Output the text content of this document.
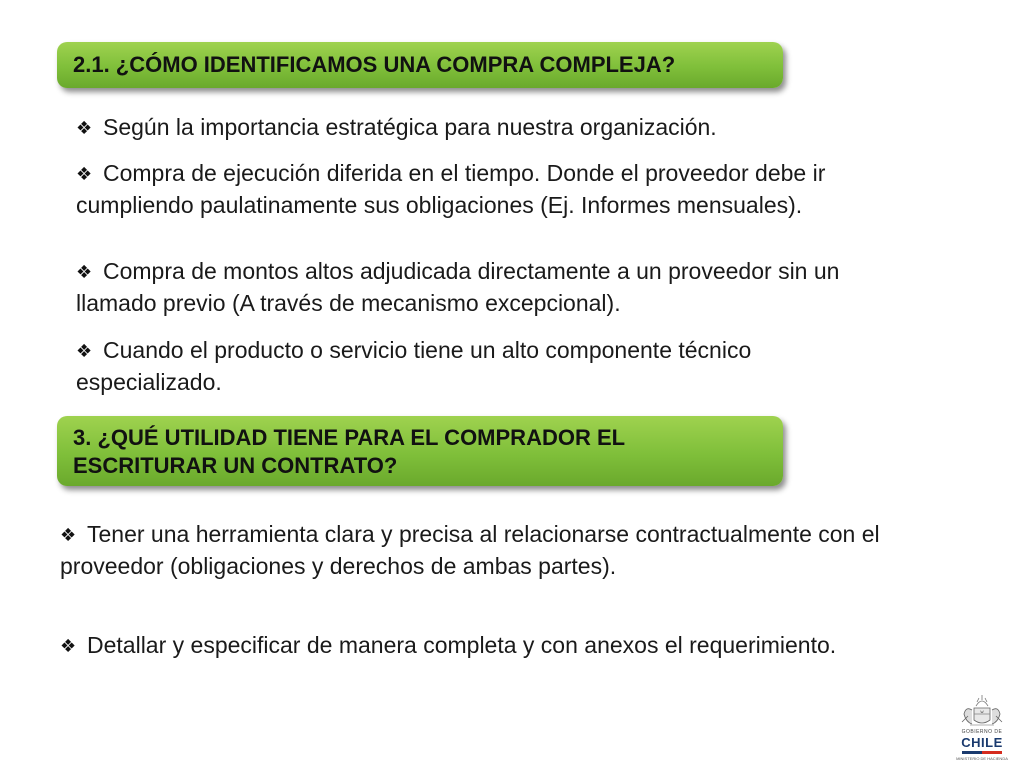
2.1. ¿CÓMO IDENTIFICAMOS UNA COMPRA COMPLEJA?
❖ Según la importancia estratégica para nuestra organización.
❖ Compra de ejecución diferida en el tiempo. Donde el proveedor debe ir cumpliendo paulatinamente sus obligaciones (Ej. Informes mensuales).
❖ Compra de montos altos adjudicada directamente a un proveedor sin un llamado previo (A través de mecanismo excepcional).
❖ Cuando el producto o servicio tiene un alto componente técnico especializado.
3. ¿QUÉ UTILIDAD TIENE PARA EL COMPRADOR EL
ESCRITURAR UN CONTRATO?
❖ Tener una herramienta clara y precisa al relacionarse contractualmente con el proveedor (obligaciones y derechos de ambas partes).
❖ Detallar y especificar de manera completa y con anexos el requerimiento.
GOBIERNO DE
CHILE
MINISTERIO DE HACIENDA
